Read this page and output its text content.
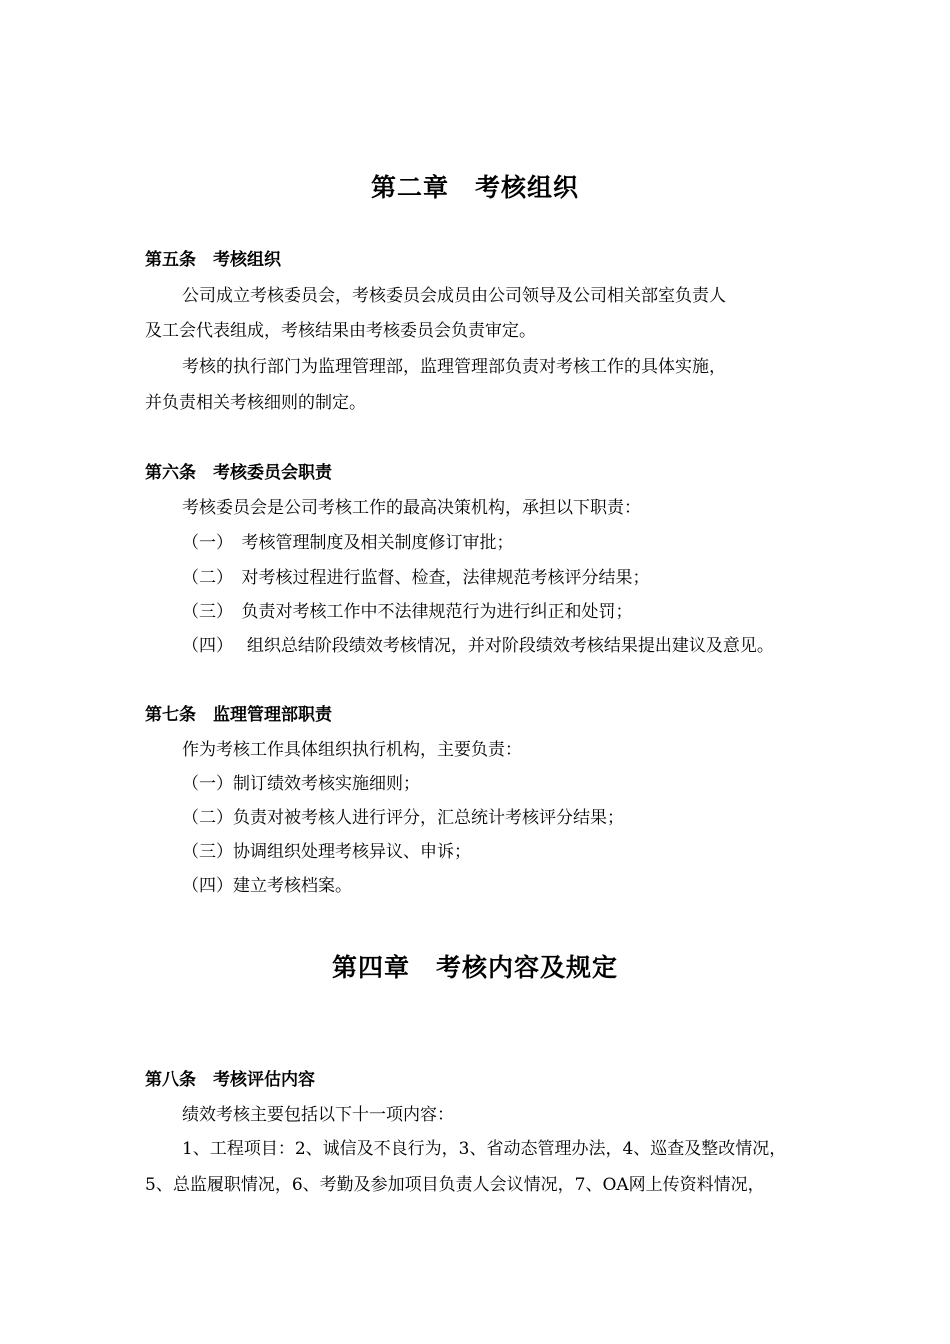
第二章　考核组织
第五条　考核组织
公司成立考核委员会，考核委员会成员由公司领导及公司相关部室负责人
及工会代表组成，考核结果由考核委员会负责审定。
考核的执行部门为监理管理部，监理管理部负责对考核工作的具体实施，
并负责相关考核细则的制定。
第六条　考核委员会职责
考核委员会是公司考核工作的最高决策机构，承担以下职责：
（一）　考核管理制度及相关制度修订审批；
（二）　对考核过程进行监督、检查，法律规范考核评分结果；
（三）　负责对考核工作中不法律规范行为进行纠正和处罚；
（四）　 组织总结阶段绩效考核情况，并对阶段绩效考核结果提出建议及意见。
第七条　监理管理部职责
作为考核工作具体组织执行机构，主要负责：
（一）制订绩效考核实施细则；
（二）负责对被考核人进行评分，汇总统计考核评分结果；
（三）协调组织处理考核异议、申诉；
（四）建立考核档案。
第四章　考核内容及规定
第八条　考核评估内容
绩效考核主要包括以下十一项内容：
1、工程项目：2、诚信及不良行为，3、省动态管理办法，4、巡查及整改情况，
5、总监履职情况，6、考勤及参加项目负责人会议情况，7、OA网上传资料情况，
